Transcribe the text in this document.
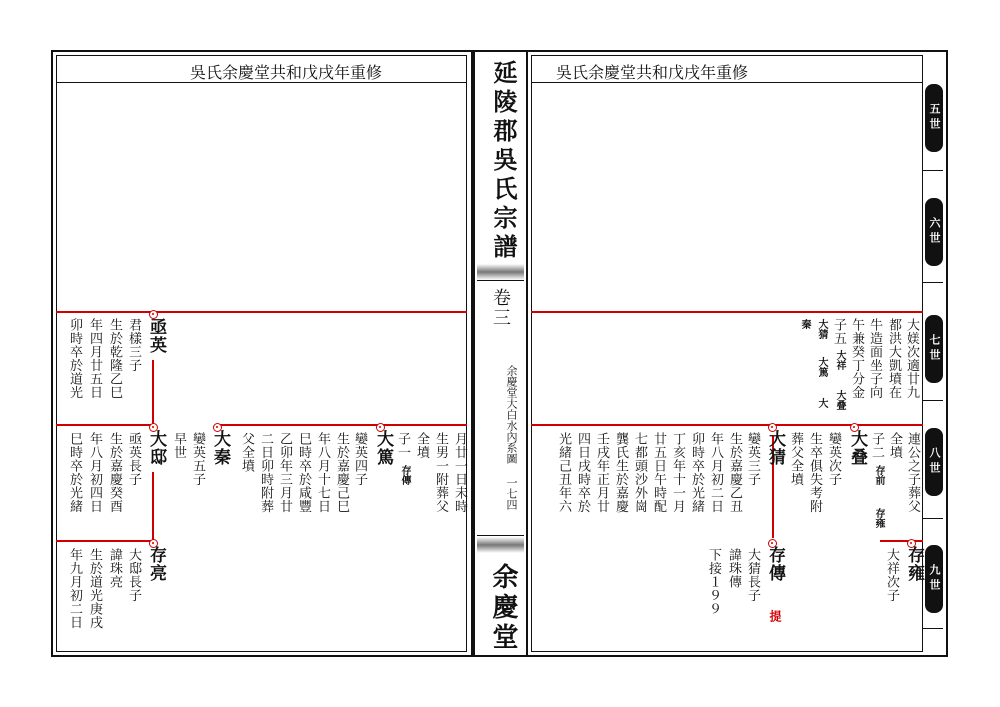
吳氏余慶堂共和戊戌年重修	吳氏余慶堂共和戊戌年重修
延陵郡吳氏宗譜
卷三
余慶堂大白水內系圖 一七四
余慶堂
五世
六世
七世
八世
九世
大媄次適廿九
都洪大凱墳在
牛造面坐子向
午兼癸丁分金
子五
大猜
大祥
大叠
大篤
大
秦
連公之子葬父
全墳
子二
存前
存雍
大叠
孌英次子
生卒俱失考附
葬父全墳
大猜
孌英三子
生於嘉慶乙丑
年八月初二日
卯時卒於光緒
丁亥年十一月
廿五日午時配
七都頭沙外崗
龔氏生於嘉慶
壬戌年正月廿
四日戌時卒於
光緒己丑年六
存雍
大祥次子
存傳
大猜長子
諱珠傳
下接１９９
提
亟英
君樣三子
生於乾隆乙巳
年四月廿五日
卯時卒於道光
月廿一日未時
生男一附葬父
全墳
子一
存傳
大篤
孌英四子
生於嘉慶己巳
年八月十七日
巳時卒於咸豐
乙卯年三月廿
二日卯時附葬
父全墳
大秦
孌英五子
早世
大邸
亟英長子
生於嘉慶癸酉
年八月初四日
巳時卒於光緒
存亮
大邸長子
諱珠亮
生於道光庚戌
年九月初二日
